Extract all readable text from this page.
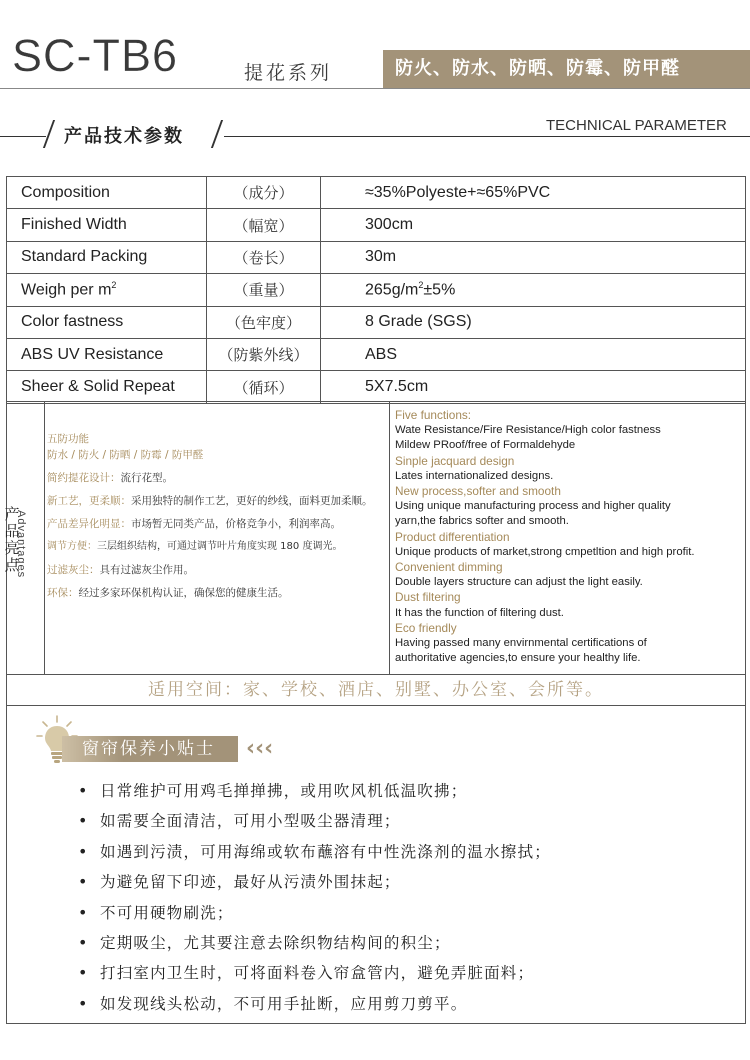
SC-TB6	提花系列	防火、防水、防晒、防霉、防甲醛
产品技术参数
TECHNICAL PARAMETER
Composition	（成分）	≈35%Polyeste+≈65%PVC
Finished Width	（幅宽）	300cm
Standard Packing	（卷长）	30m
Weigh per $m^2$	（重量）	$265g/m^2\pm 5\%$
Color fastness	（色牢度）	8 Grade (SGS)
ABS UV Resistance	（防紫外线）	ABS
Sheer & Solid Repeat	（循环）	5X7.5cm
产品亮点
Advantages
五防功能
防水 / 防火 / 防晒 / 防霉 / 防甲醛
简约提花设计：流行花型。
新工艺，更柔顺：采用独特的制作工艺，更好的纱线，面料更加柔顺。
产品差异化明显：市场暂无同类产品，价格竞争小，利润率高。
调节方便：三层组织结构，可通过调节叶片角度实现 180 度调光。
过滤灰尘：具有过滤灰尘作用。
环保：经过多家环保机构认证，确保您的健康生活。
Five functions:
Wate Resistance/Fire Resistance/High color fastness
Mildew PRoof/free of Formaldehyde
Sinple jacquard design
Lates internationalized designs.
New process,softer and smooth
Using unique manufacturing process and higher quality
yarn,the fabrics softer and smooth.
Product differentiation
Unique products of market,strong cmpetltion and high profit.
Convenient dimming
Double layers structure can adjust the light easily.
Dust filtering
It has the function of filtering dust.
Eco friendly
Having passed many envirnmental certifications of
authoritative agencies,to ensure your healthy life.
适用空间：家、学校、酒店、别墅、办公室、会所等。
窗帘保养小贴士 ‹‹‹
• 日常维护可用鸡毛掸掸拂，或用吹风机低温吹拂；
• 如需要全面清洁，可用小型吸尘器清理；
• 如遇到污渍，可用海绵或软布蘸溶有中性洗涤剂的温水擦拭；
• 为避免留下印迹，最好从污渍外围抹起；
• 不可用硬物刷洗；
• 定期吸尘，尤其要注意去除织物结构间的积尘；
• 打扫室内卫生时，可将面料卷入帘盒管内，避免弄脏面料；
• 如发现线头松动，不可用手扯断，应用剪刀剪平。
